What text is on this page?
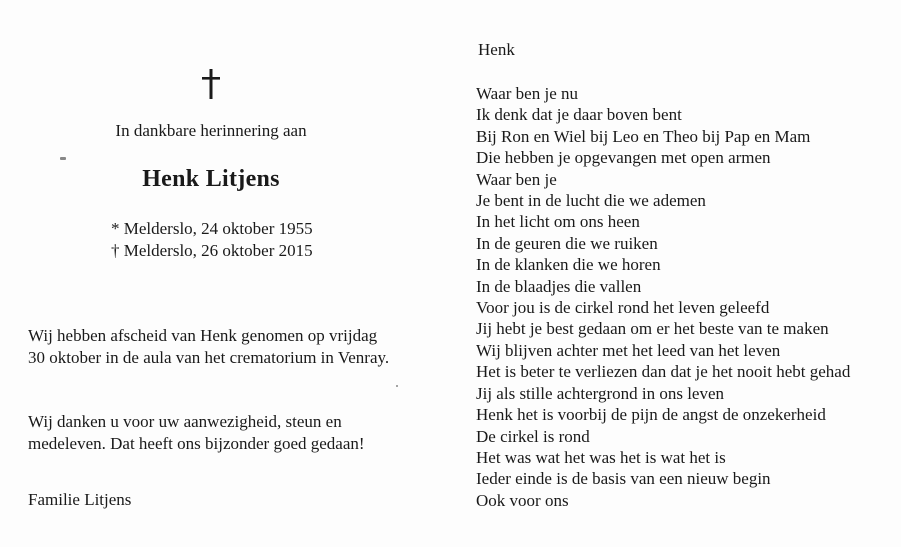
In dankbare herinnering aan
Henk Litjens
* Melderslo, 24 oktober 1955
† Melderslo, 26 oktober 2015
Wij hebben afscheid van Henk genomen op vrijdag
30 oktober in de aula van het crematorium in Venray.
Wij danken u voor uw aanwezigheid, steun en
medeleven. Dat heeft ons bijzonder goed gedaan!
Familie Litjens
Henk
Waar ben je nu
Ik denk dat je daar boven bent
Bij Ron en Wiel bij Leo en Theo bij Pap en Mam
Die hebben je opgevangen met open armen
Waar ben je
Je bent in de lucht die we ademen
In het licht om ons heen
In de geuren die we ruiken
In de klanken die we horen
In de blaadjes die vallen
Voor jou is de cirkel rond het leven geleefd
Jij hebt je best gedaan om er het beste van te maken
Wij blijven achter met het leed van het leven
Het is beter te verliezen dan dat je het nooit hebt gehad
Jij als stille achtergrond in ons leven
Henk het is voorbij de pijn de angst de onzekerheid
De cirkel is rond
Het was wat het was het is wat het is
Ieder einde is de basis van een nieuw begin
Ook voor ons
